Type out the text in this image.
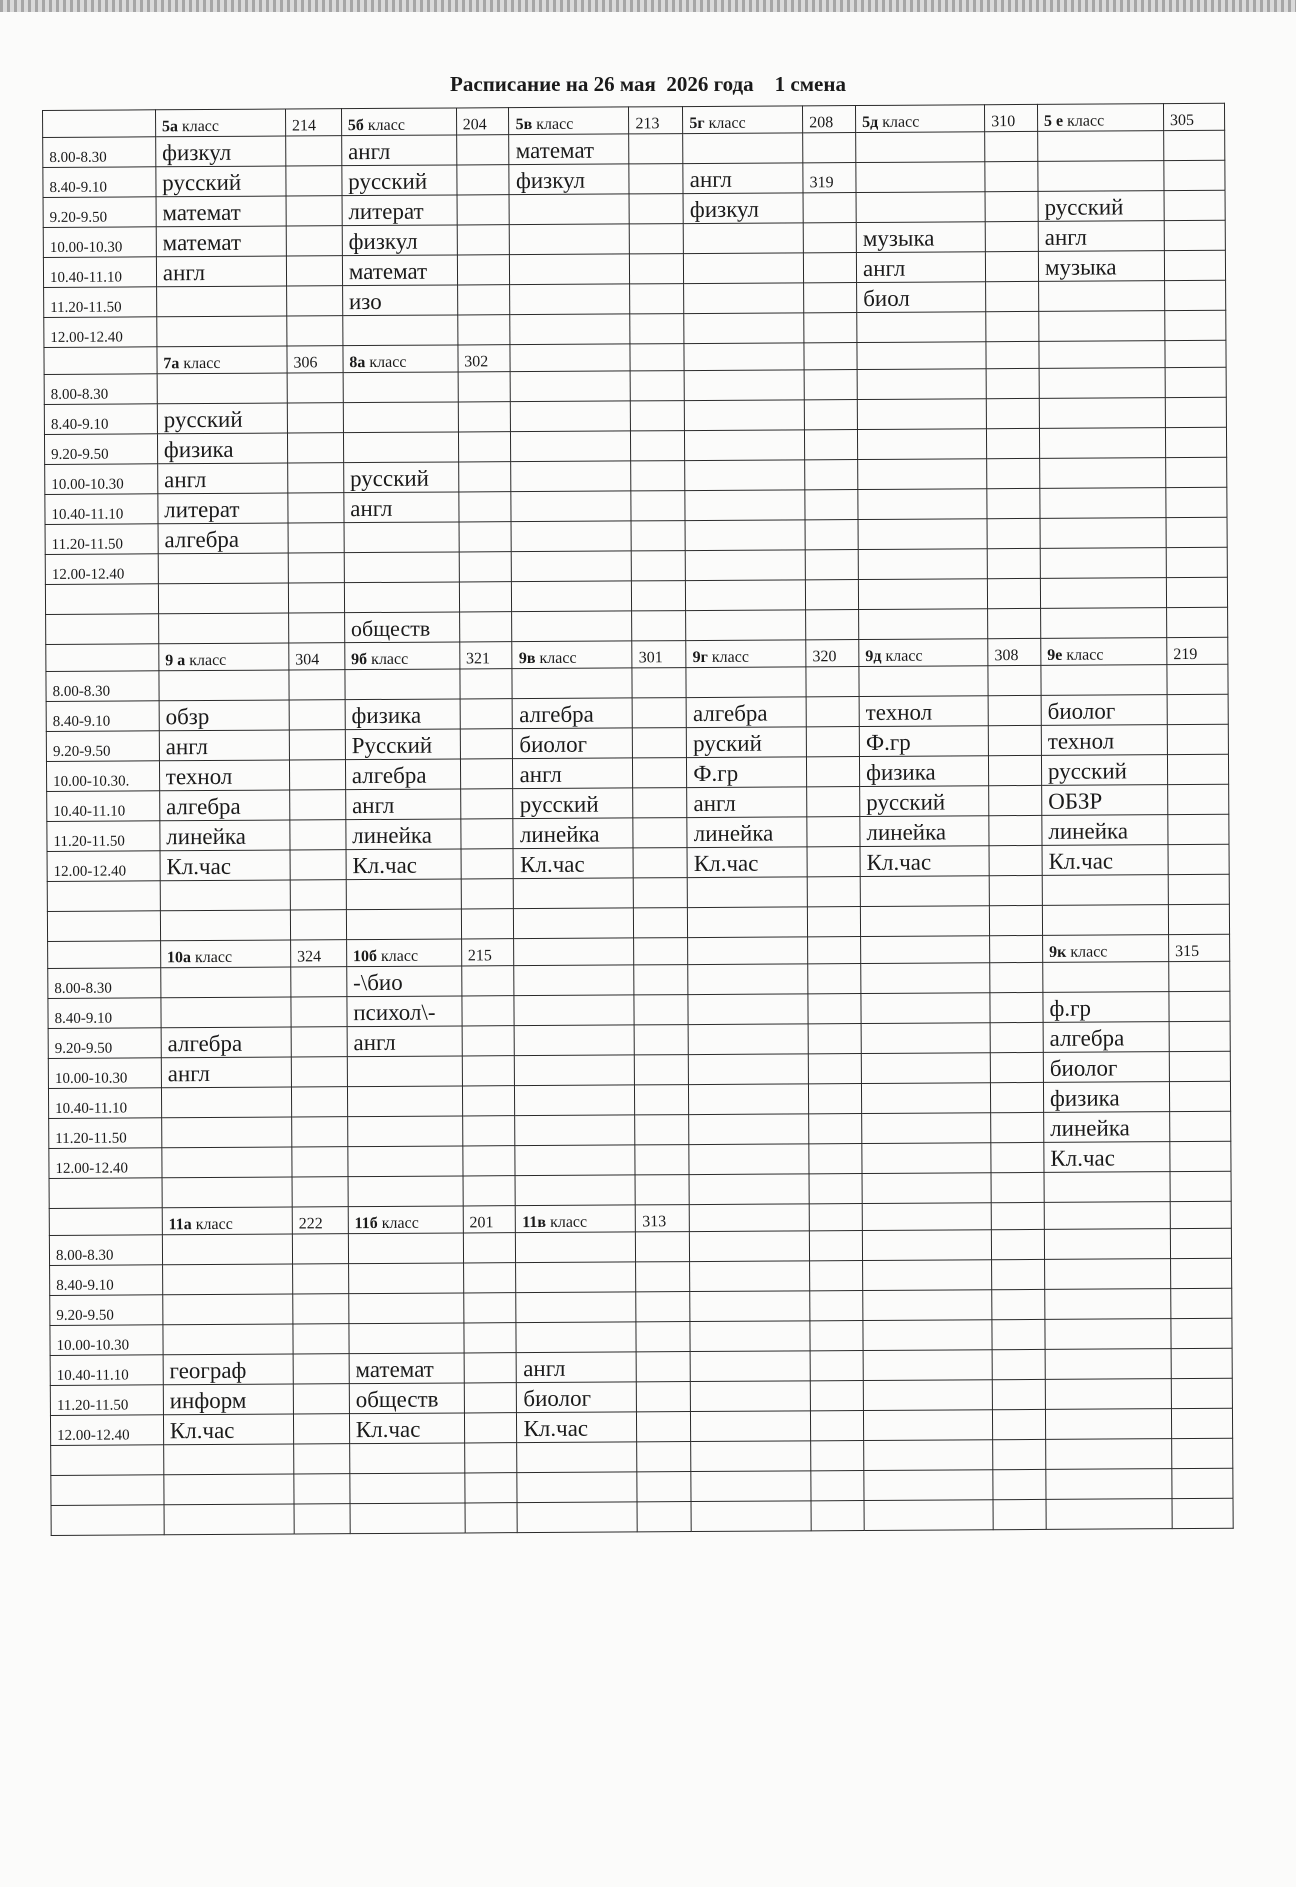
Расписание на 26 мая  2026 года    1 смена
	5а класс	214	5б класс	204	5в класс	213	5г класс	208	5д класс	310	5 е класс	305
8.00-8.30	физкул		англ		математ							
8.40-9.10	русский		русский		физкул		англ	319				
9.20-9.50	математ		литерат				физкул				русский	
10.00-10.30	математ		физкул						музыка		англ	
10.40-11.10	англ		математ						англ		музыка	
11.20-11.50			изо						биол			
12.00-12.40												
	7а класс	306	8а класс	302								
8.00-8.30												
8.40-9.10	русский											
9.20-9.50	физика											
10.00-10.30	англ		русский									
10.40-11.10	литерат		англ									
11.20-11.50	алгебра											
12.00-12.40												

			обществ									
	9 а класс	304	9б класс	321	9в класс	301	9г класс	320	9д класс	308	9е класс	219
8.00-8.30												
8.40-9.10	обзр		физика		алгебра		алгебра		технол		биолог	
9.20-9.50	англ		Русский		биолог		руский		Ф.гр		технол	
10.00-10.30.	технол		алгебра		англ		Ф.гр		физика		русский	
10.40-11.10	алгебра		англ		русский		англ		русский		ОБЗР	
11.20-11.50	линейка		линейка		линейка		линейка		линейка		линейка	
12.00-12.40	Кл.час		Кл.час		Кл.час		Кл.час		Кл.час		Кл.час	

	10а класс	324	10б класс	215							9к класс	315
8.00-8.30			-\био									
8.40-9.10			психол\-								ф.гр	
9.20-9.50	алгебра		англ								алгебра	
10.00-10.30	англ										биолог	
10.40-11.10											физика	
11.20-11.50											линейка	
12.00-12.40											Кл.час	

	11а класс	222	11б класс	201	11в класс	313						
8.00-8.30												
8.40-9.10												
9.20-9.50												
10.00-10.30												
10.40-11.10	географ		математ		англ							
11.20-11.50	информ		обществ		биолог							
12.00-12.40	Кл.час		Кл.час		Кл.час							
